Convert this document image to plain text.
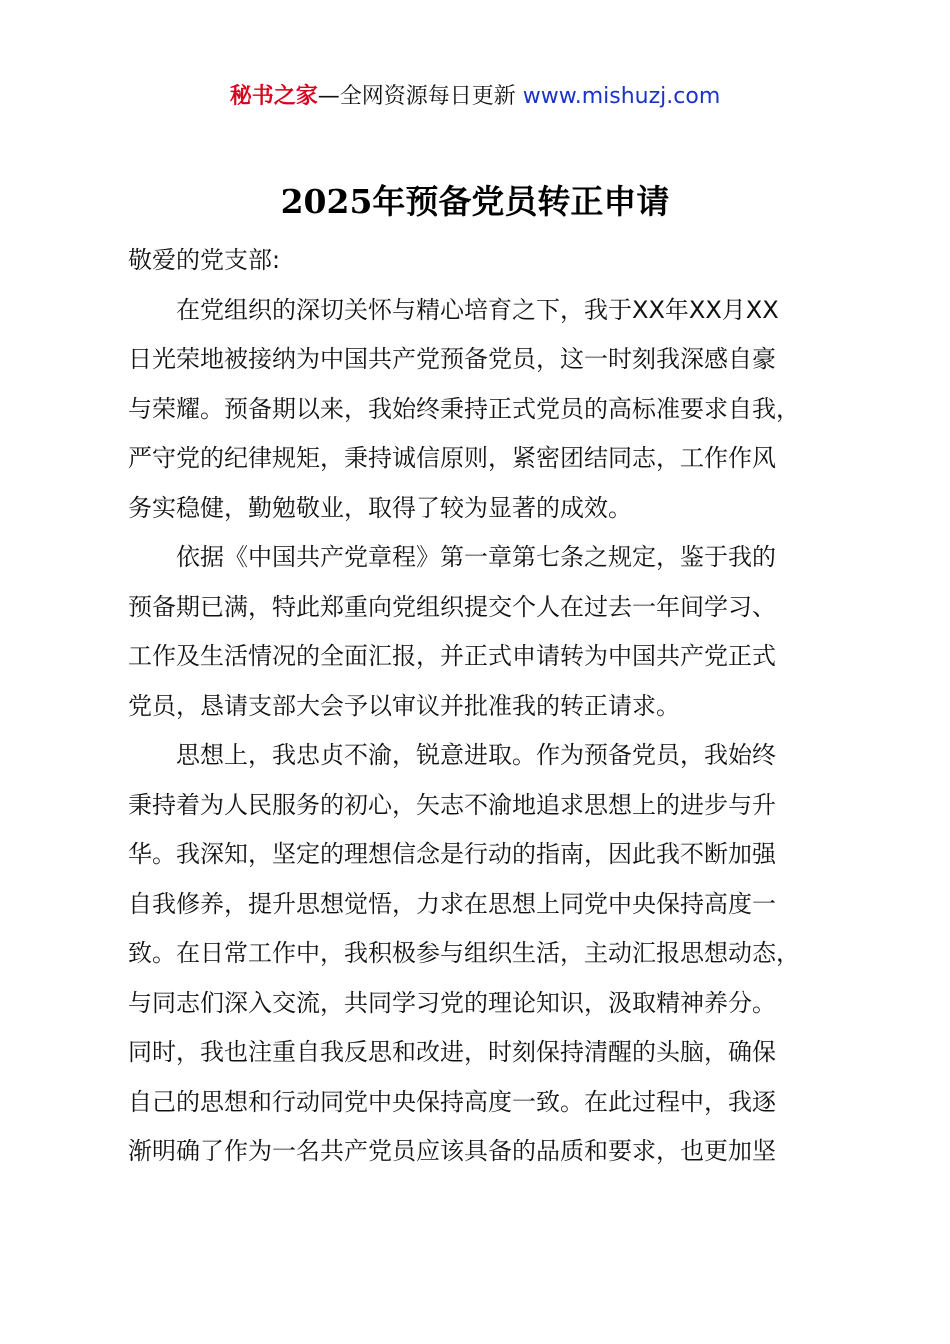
秘书之家—全网资源每日更新 www.mishuzj.com
2025年预备党员转正申请

敬爱的党支部:

在党组织的深切关怀与精心培育之下，我于XX年XX月XX
日光荣地被接纳为中国共产党预备党员，这一时刻我深感自豪
与荣耀。预备期以来，我始终秉持正式党员的高标准要求自我，
严守党的纪律规矩，秉持诚信原则，紧密团结同志，工作作风
务实稳健，勤勉敬业，取得了较为显著的成效。
依据《中国共产党章程》第一章第七条之规定，鉴于我的
预备期已满，特此郑重向党组织提交个人在过去一年间学习、
工作及生活情况的全面汇报，并正式申请转为中国共产党正式
党员，恳请支部大会予以审议并批准我的转正请求。
思想上，我忠贞不渝，锐意进取。作为预备党员，我始终
秉持着为人民服务的初心，矢志不渝地追求思想上的进步与升
华。我深知，坚定的理想信念是行动的指南，因此我不断加强
自我修养，提升思想觉悟，力求在思想上同党中央保持高度一
致。在日常工作中，我积极参与组织生活，主动汇报思想动态，
与同志们深入交流，共同学习党的理论知识，汲取精神养分。
同时，我也注重自我反思和改进，时刻保持清醒的头脑，确保
自己的思想和行动同党中央保持高度一致。在此过程中，我逐
渐明确了作为一名共产党员应该具备的品质和要求，也更加坚
